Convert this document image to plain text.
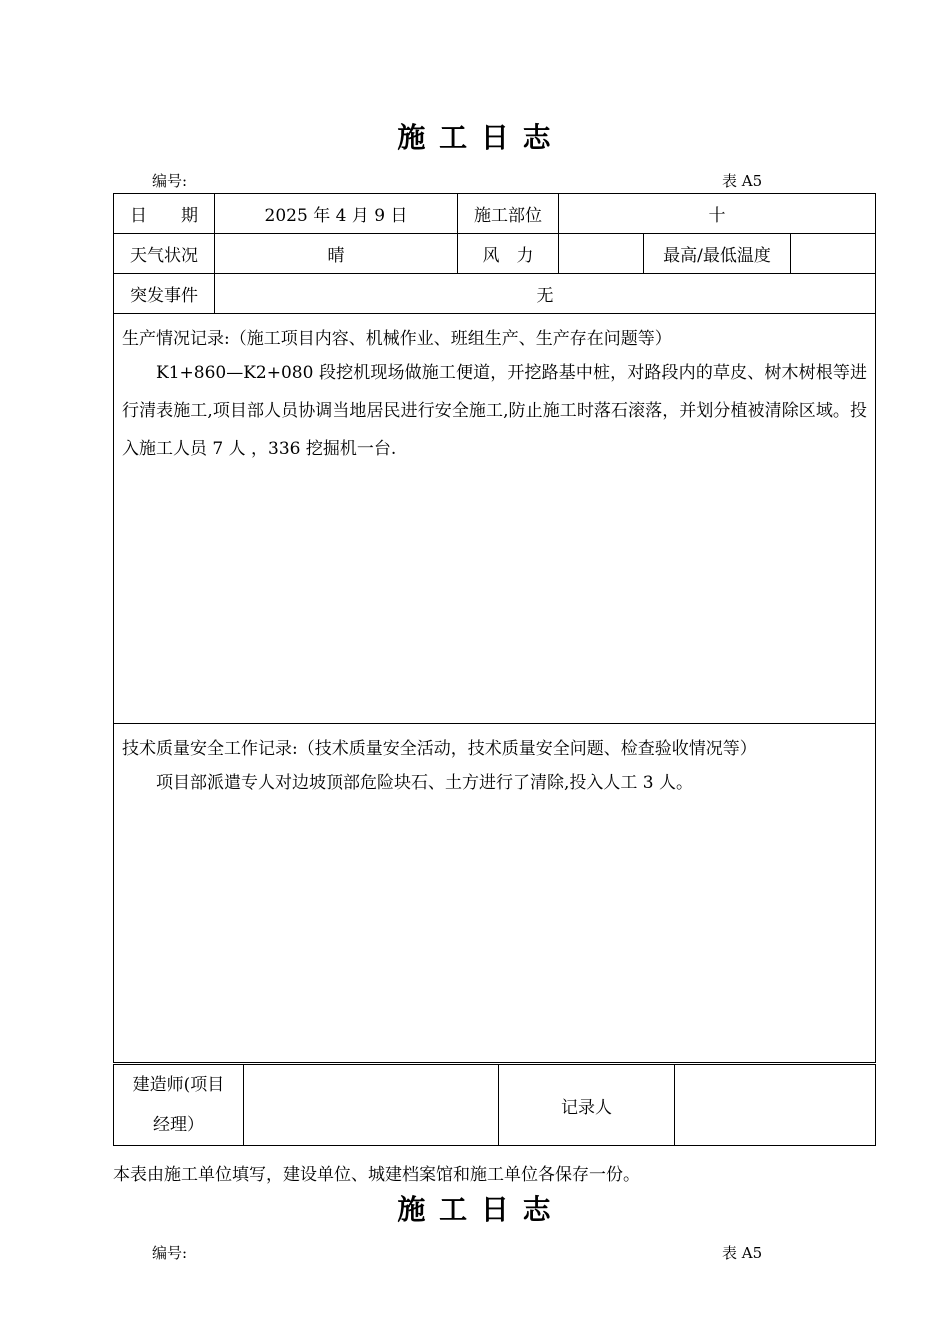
施 工 日 志
编号:	表 A5
日　　期	2025 年 4 月 9 日	施工部位	十		
天气状况	晴	风　力		最高/最低温度	
突发事件	无				

生产情况记录:（施工项目内容、机械作业、班组生产、生产存在问题等）
K1+860—K2+080 段挖机现场做施工便道，开挖路基中桩，对路段内的草皮、树木树根等进行清表施工,项目部人员协调当地居民进行安全施工,防止施工时落石滚落，并划分植被清除区域。投入施工人员 7 人 ，336 挖掘机一台.					

技术质量安全工作记录:（技术质量安全活动，技术质量安全问题、检查验收情况等）
项目部派遣专人对边坡顶部危险块石、土方进行了清除,投入人工 3 人。					
建造师(项目
经理）
		记录人	
本表由施工单位填写，建设单位、城建档案馆和施工单位各保存一份。
施 工 日 志
编号:	表 A5
